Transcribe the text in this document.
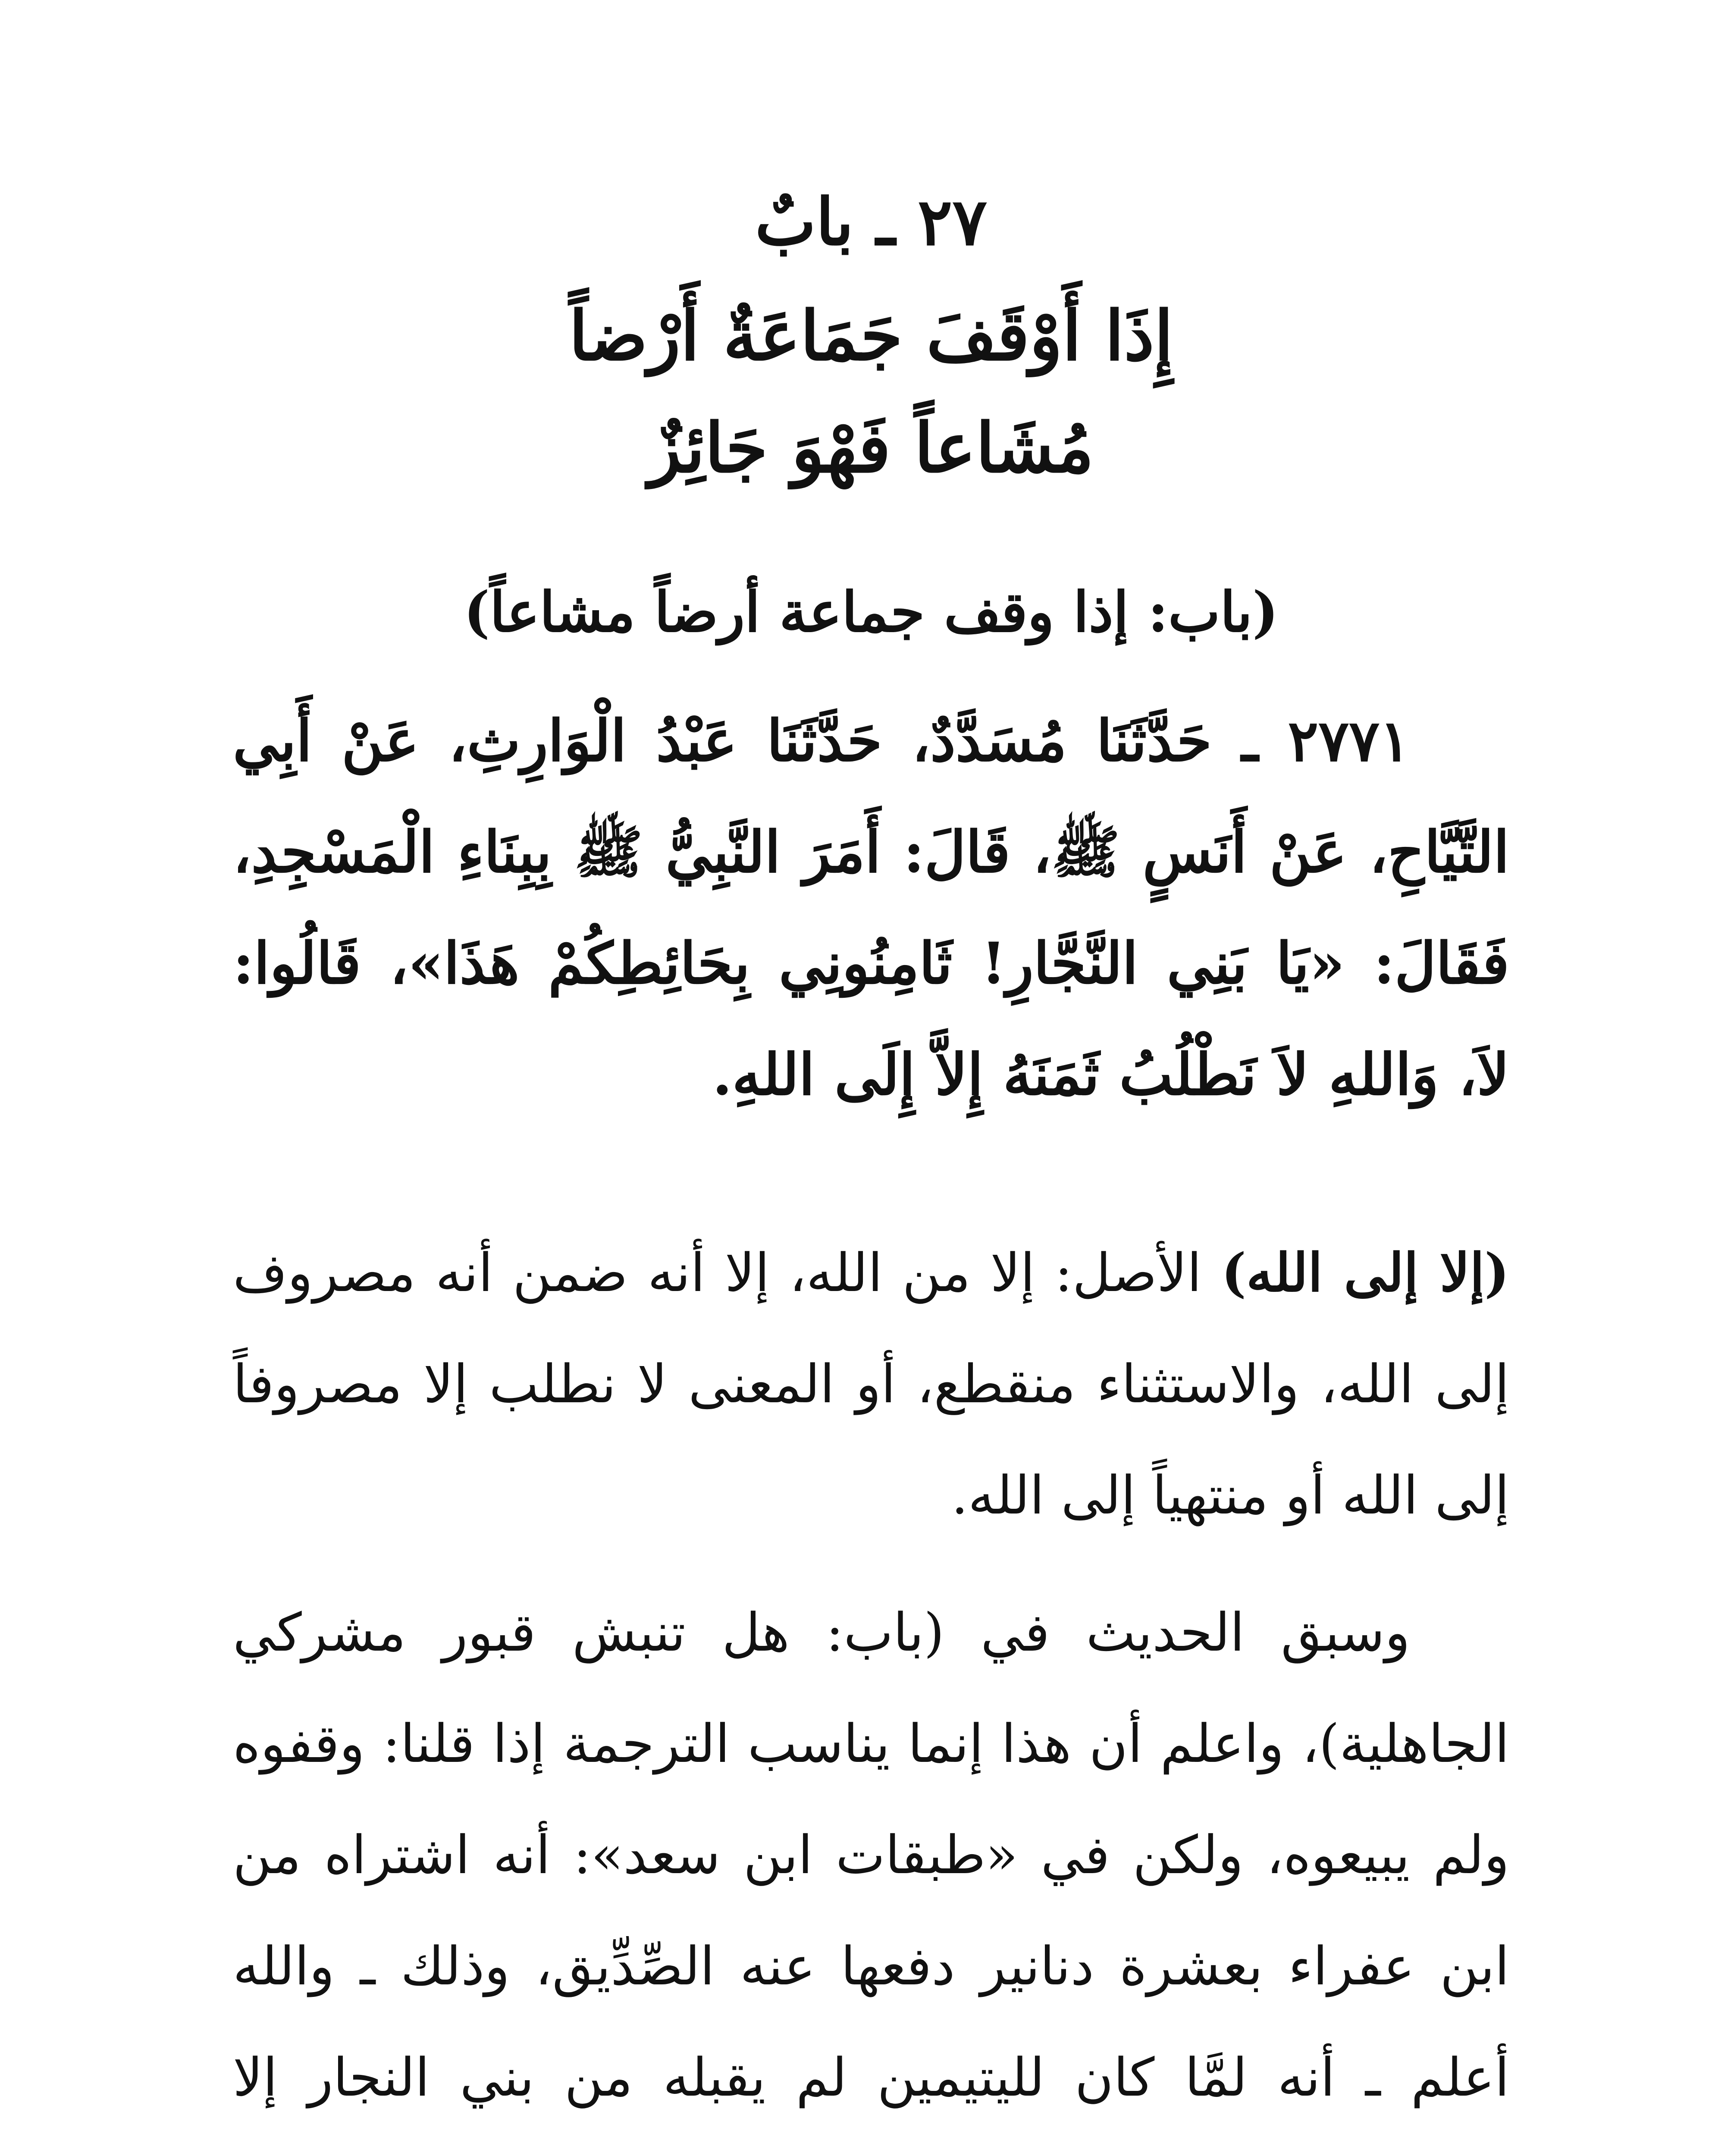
٢٧ ـ بابٌ
إِذَا أَوْقَفَ جَمَاعَةٌ أَرْضاً
مُشَاعاً فَهْوَ جَائِزٌ
(باب: إذا وقف جماعة أرضاً مشاعاً)

٢٧٧١ ـ حَدَّثَنَا مُسَدَّدٌ، حَدَّثَنَا عَبْدُ الْوَارِثِ، عَنْ أَبِي التَّيَّاحِ، عَنْ أَنَسٍ ﷺ، قَالَ: أَمَرَ النَّبِيُّ ﷺ بِبِنَاءِ الْمَسْجِدِ، فَقَالَ: «يَا بَنِي النَّجَّارِ! ثَامِنُونِي بِحَائِطِكُمْ هَذَا»، قَالُوا: لاَ، وَاللهِ لاَ نَطْلُبُ ثَمَنَهُ إِلاَّ إِلَى اللهِ.

(إلا إلى الله) الأصل: إلا من الله، إلا أنه ضمن أنه مصروف إلى الله، والاستثناء منقطع، أو المعنى لا نطلب إلا مصروفاً إلى الله أو منتهياً إلى الله.

وسبق الحديث في (باب: هل تنبش قبور مشركي الجاهلية)، واعلم أن هذا إنما يناسب الترجمة إذا قلنا: وقفوه ولم يبيعوه، ولكن في «طبقات ابن سعد»: أنه اشتراه من ابن عفراء بعشرة دنانير دفعها عنه الصِّدِّيق، وذلك ـ والله أعلم ـ أنه لمَّا كان لليتيمين لم يقبله من بني النجار إلا
